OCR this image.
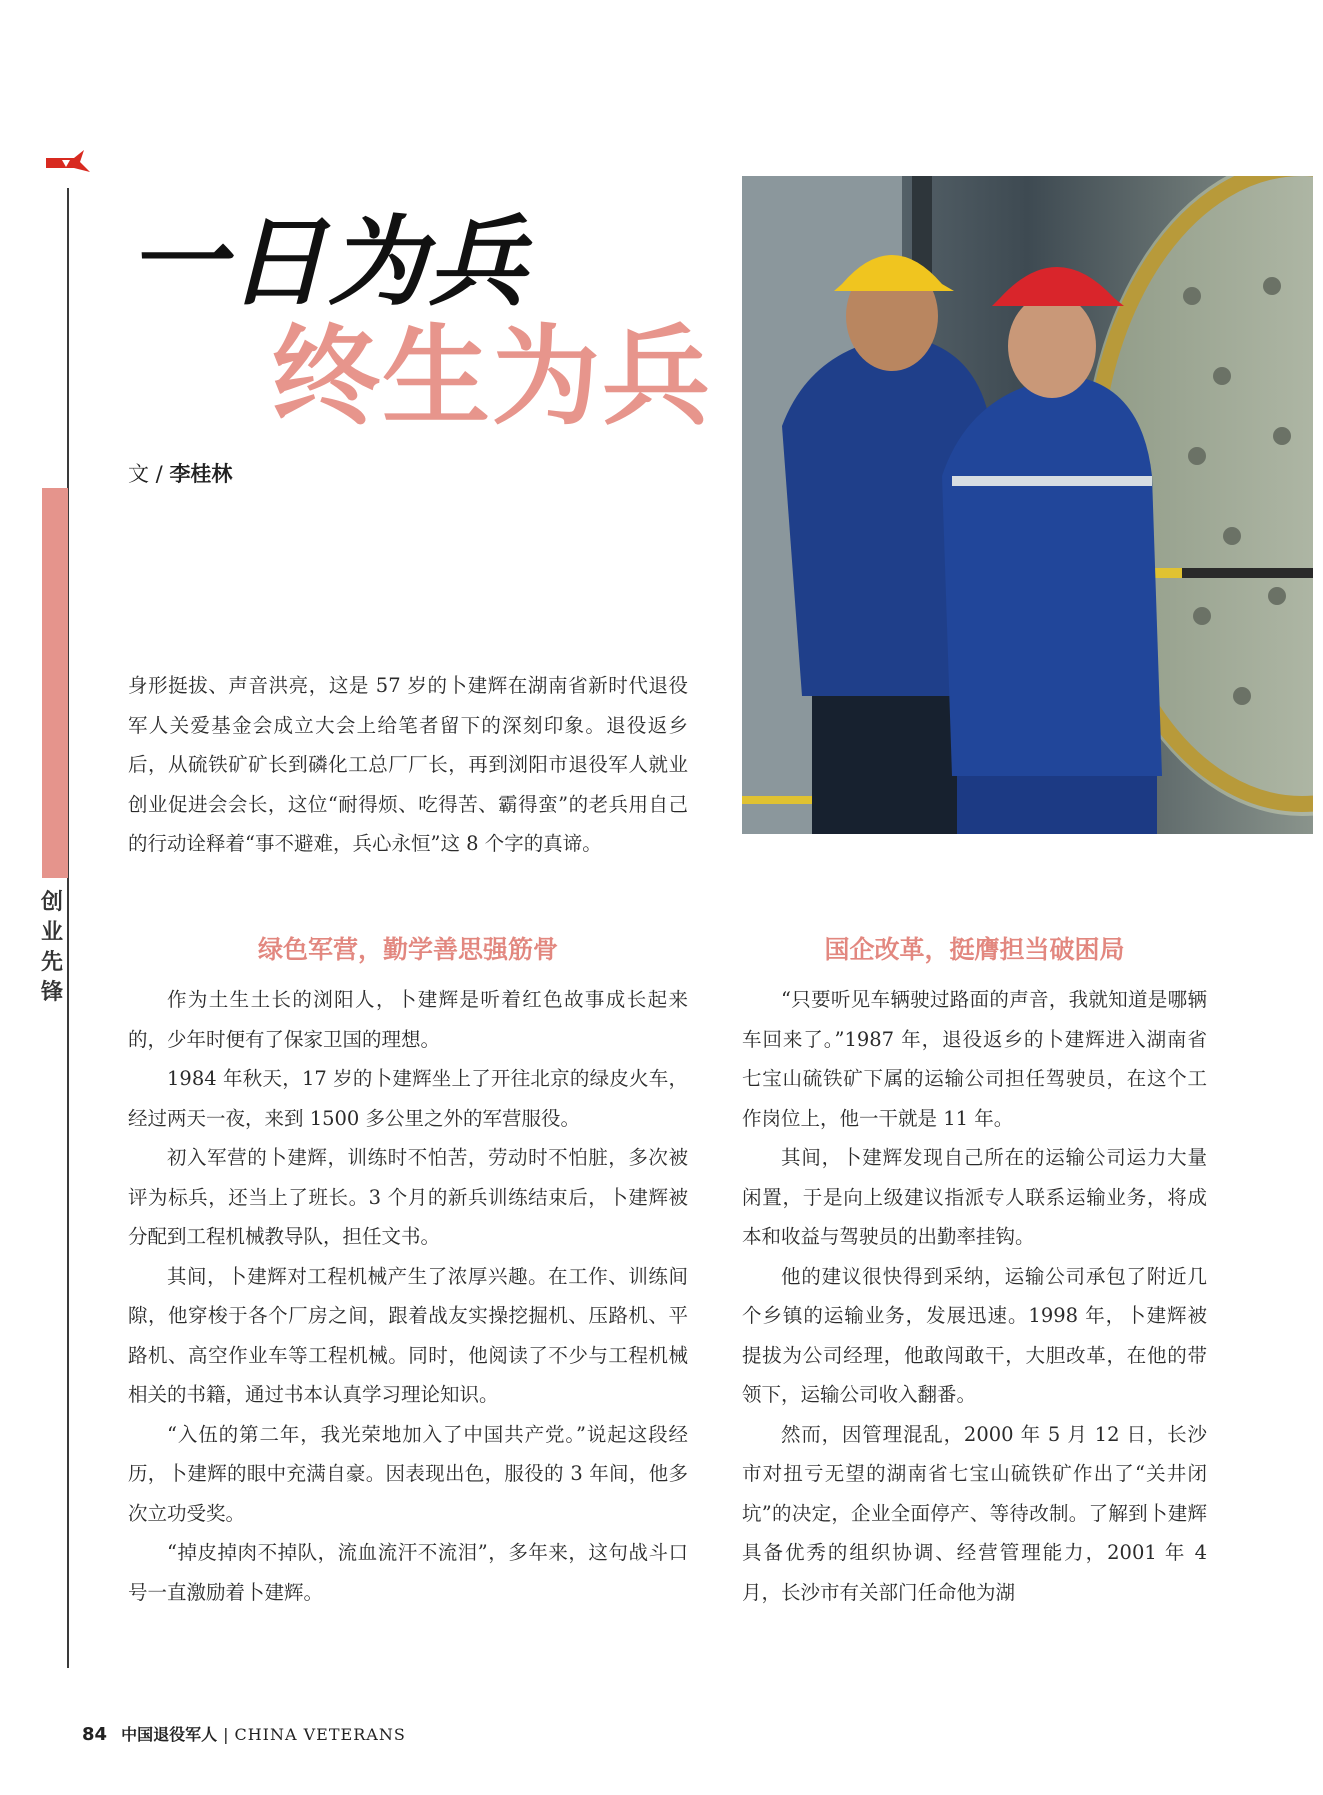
创
业
先
锋
一日为兵
终生为兵
文 / 李桂林

身形挺拔、声音洪亮，这是 57 岁的卜建辉在湖南省新时代退役军人关爱基金会成立大会上给笔者留下的深刻印象。退役返乡后，从硫铁矿矿长到磷化工总厂厂长，再到浏阳市退役军人就业创业促进会会长，这位“耐得烦、吃得苦、霸得蛮”的老兵用自己的行动诠释着“事不避难，兵心永恒”这 8 个字的真谛。

绿色军营，勤学善思强筋骨

作为土生土长的浏阳人，卜建辉是听着红色故事成长起来的，少年时便有了保家卫国的理想。

1984 年秋天，17 岁的卜建辉坐上了开往北京的绿皮火车，经过两天一夜，来到 1500 多公里之外的军营服役。

初入军营的卜建辉，训练时不怕苦，劳动时不怕脏，多次被评为标兵，还当上了班长。3 个月的新兵训练结束后，卜建辉被分配到工程机械教导队，担任文书。

其间，卜建辉对工程机械产生了浓厚兴趣。在工作、训练间隙，他穿梭于各个厂房之间，跟着战友实操挖掘机、压路机、平路机、高空作业车等工程机械。同时，他阅读了不少与工程机械相关的书籍，通过书本认真学习理论知识。

“入伍的第二年，我光荣地加入了中国共产党。”说起这段经历，卜建辉的眼中充满自豪。因表现出色，服役的 3 年间，他多次立功受奖。

“掉皮掉肉不掉队，流血流汗不流泪”，多年来，这句战斗口号一直激励着卜建辉。

国企改革，挺膺担当破困局

“只要听见车辆驶过路面的声音，我就知道是哪辆车回来了。”1987 年，退役返乡的卜建辉进入湖南省七宝山硫铁矿下属的运输公司担任驾驶员，在这个工作岗位上，他一干就是 11 年。

其间，卜建辉发现自己所在的运输公司运力大量闲置，于是向上级建议指派专人联系运输业务，将成本和收益与驾驶员的出勤率挂钩。

他的建议很快得到采纳，运输公司承包了附近几个乡镇的运输业务，发展迅速。1998 年，卜建辉被提拔为公司经理，他敢闯敢干，大胆改革，在他的带领下，运输公司收入翻番。

然而，因管理混乱，2000 年 5 月 12 日，长沙市对扭亏无望的湖南省七宝山硫铁矿作出了“关井闭坑”的决定，企业全面停产、等待改制。了解到卜建辉具备优秀的组织协调、经营管理能力，2001 年 4 月，长沙市有关部门任命他为湖

84 中国退役军人 | CHINA VETERANS
